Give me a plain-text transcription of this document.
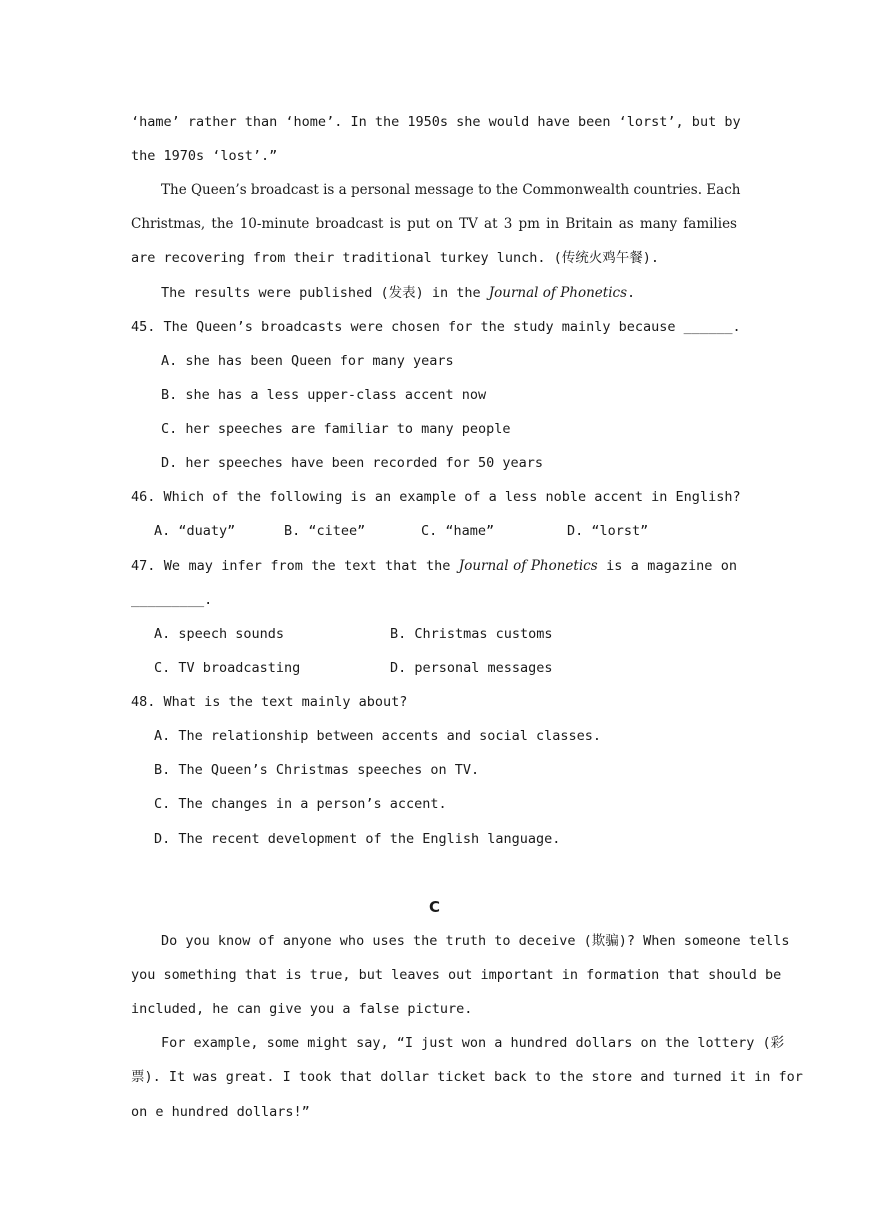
‘hame’ rather than ‘home’. In the 1950s she would have been ‘lorst’, but by
the 1970s ‘lost’.”
The Queen’s broadcast is a personal message to the Commonwealth countries. Each
Christmas, the 10-minute broadcast is put on TV at 3 pm in Britain as many families
are recovering from their traditional turkey lunch. (传统火鸡午餐).
The results were published (发表) in the Journal of Phonetics.
45. The Queen’s broadcasts were chosen for the study mainly because ______.
A. she has been Queen for many years
B. she has a less upper-class accent now
C. her speeches are familiar to many people
D. her speeches have been recorded for 50 years
46. Which of the following is an example of a less noble accent in English?
A. “duaty”	B. “citee”	C. “hame”	D. “lorst”
47. We may infer from the text that the Journal of Phonetics is a magazine on
_________.
A. speech sounds	B. Christmas customs
C. TV broadcasting	D. personal messages
48. What is the text mainly about?
A. The relationship between accents and social classes.
B. The Queen’s Christmas speeches on TV.
C. The changes in a person’s accent.
D. The recent development of the English language.
C
Do you know of anyone who uses the truth to deceive (欺骗)? When someone tells
you something that is true, but leaves out important in formation that should be
included, he can give you a false picture.
For example, some might say, “I just won a hundred dollars on the lottery (彩
票). It was great. I took that dollar ticket back to the store and turned it in for
on e hundred dollars!”
